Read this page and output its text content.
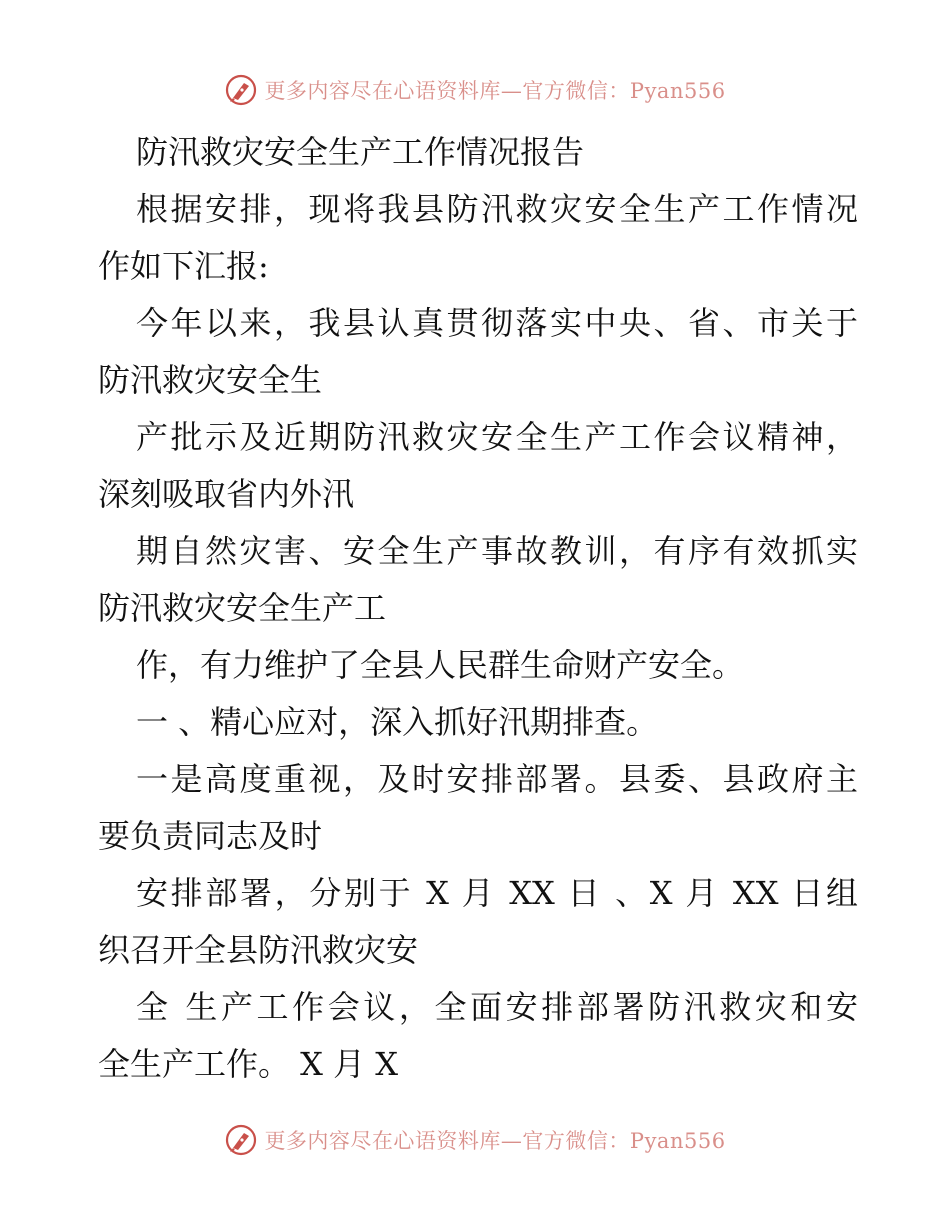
更多内容尽在心语资料库—官方微信：Pyan556
防汛救灾安全生产工作情况报告
根据安排，现将我县防汛救灾安全生产工作情况
作如下汇报:
今年以来，我县认真贯彻落实中央、省、市关于
防汛救灾安全生
产批示及近期防汛救灾安全生产工作会议精神，
深刻吸取省内外汛
期自然灾害、安全生产事故教训，有序有效抓实
防汛救灾安全生产工
作，有力维护了全县人民群生命财产安全。
一 、精心应对，深入抓好汛期排查。
一是高度重视，及时安排部署。县委、县政府主
要负责同志及时
安排部署，分别于 X 月 XX 日 、X 月 XX 日组
织召开全县防汛救灾安
全 生产工作会议，全面安排部署防汛救灾和安
全生产工作。 X 月 X
更多内容尽在心语资料库—官方微信：Pyan556
